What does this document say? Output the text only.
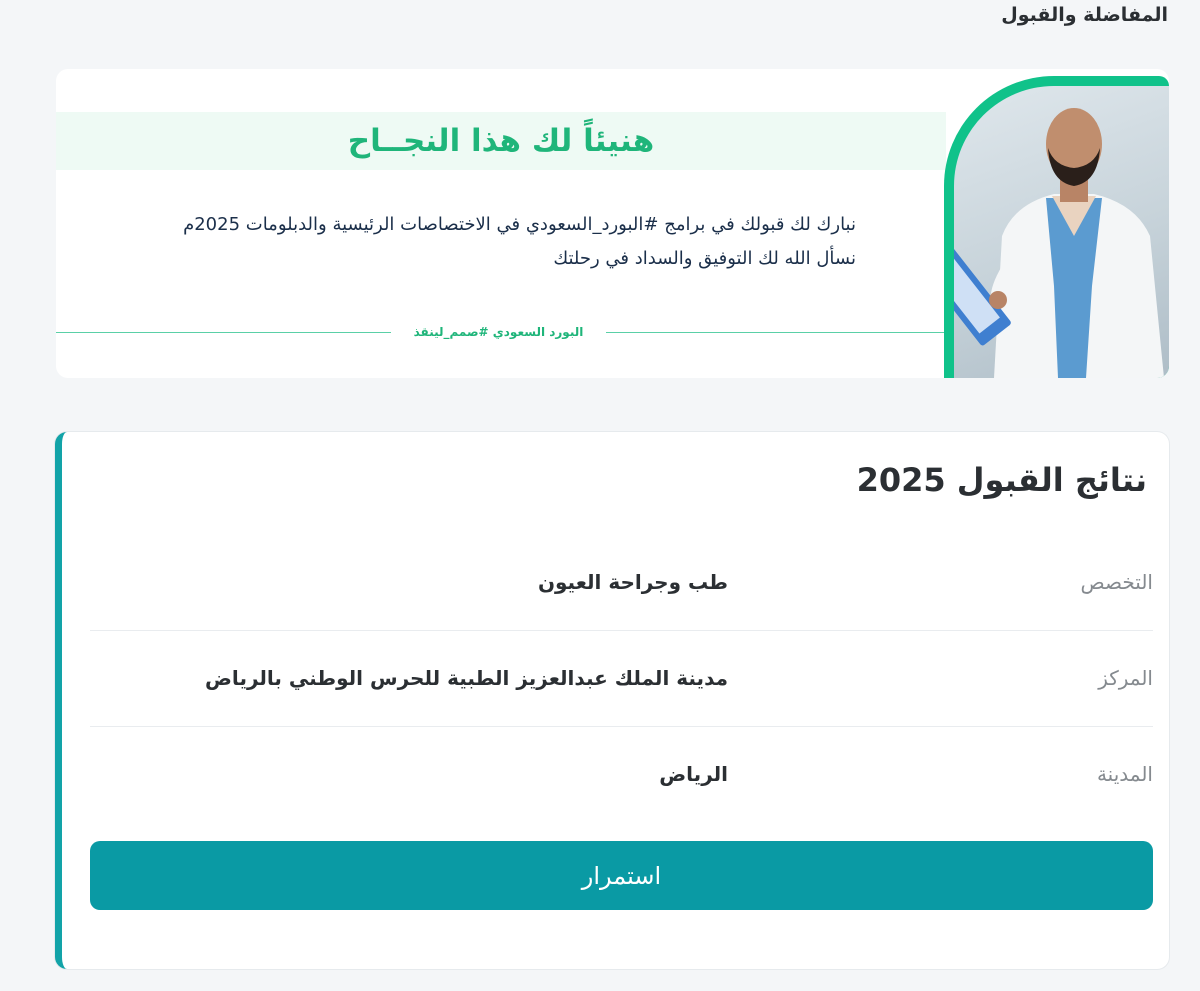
المفاضلة والقبول
هنيئاً لك هذا النجــاح
نبارك لك قبولك في برامج #البورد_السعودي في الاختصاصات الرئيسية والدبلومات 2025م
نسأل الله لك التوفيق والسداد في رحلتك
البورد السعودي #صمم_لينقذ
نتائج القبول 2025
التخصص
طب وجراحة العيون
المركز
مدينة الملك عبدالعزيز الطبية للحرس الوطني بالرياض
المدينة
الرياض
استمرار
